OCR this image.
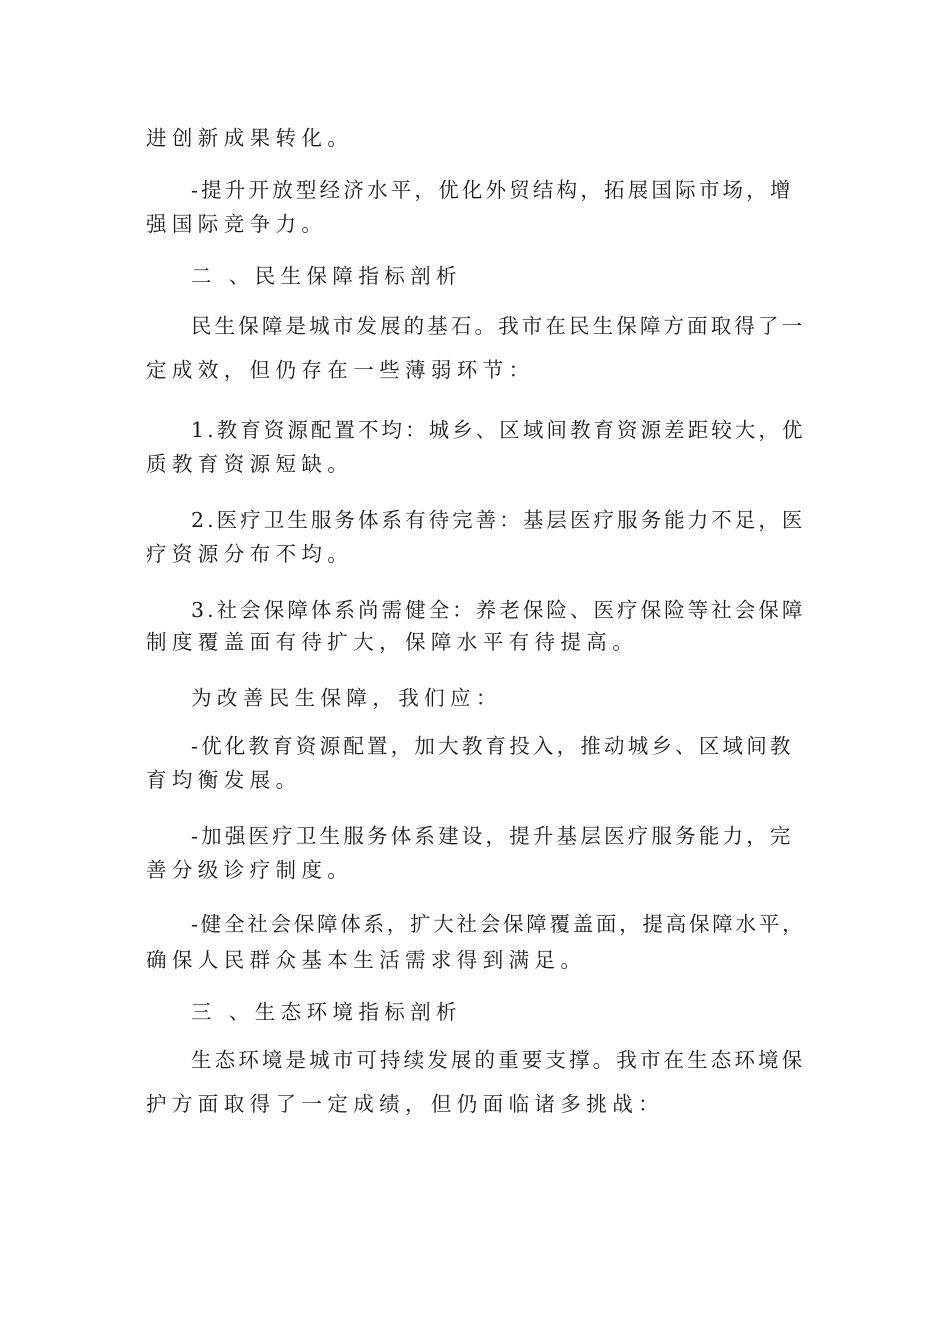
进创新成果转化。
-提升开放型经济水平，优化外贸结构，拓展国际市场，增
强国际竞争力。
二 、民生保障指标剖析
民生保障是城市发展的基石。我市在民生保障方面取得了一
定成效，但仍存在一些薄弱环节：
1.教育资源配置不均：城乡、区域间教育资源差距较大，优
质教育资源短缺。
2.医疗卫生服务体系有待完善：基层医疗服务能力不足，医
疗资源分布不均。
3.社会保障体系尚需健全：养老保险、医疗保险等社会保障
制度覆盖面有待扩大，保障水平有待提高。
为改善民生保障，我们应：
-优化教育资源配置，加大教育投入，推动城乡、区域间教
育均衡发展。
-加强医疗卫生服务体系建设，提升基层医疗服务能力，完
善分级诊疗制度。
-健全社会保障体系，扩大社会保障覆盖面，提高保障水平，
确保人民群众基本生活需求得到满足。
三 、生态环境指标剖析
生态环境是城市可持续发展的重要支撑。我市在生态环境保
护方面取得了一定成绩，但仍面临诸多挑战：
